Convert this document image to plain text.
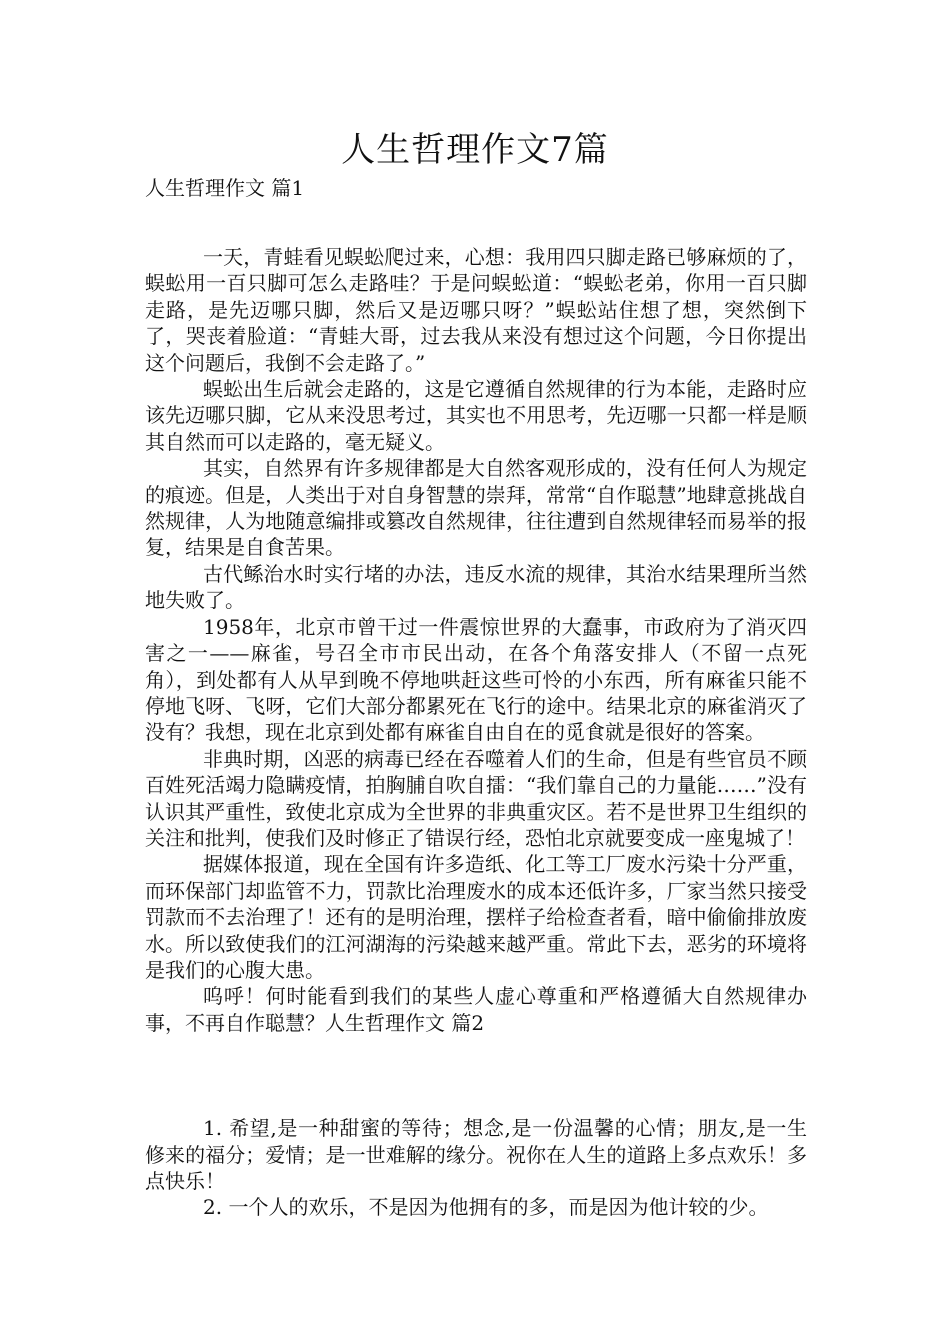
人生哲理作文7篇
人生哲理作文 篇1

一天，青蛙看见蜈蚣爬过来，心想：我用四只脚走路已够麻烦的了，蜈蚣用一百只脚可怎么走路哇？于是问蜈蚣道：“蜈蚣老弟，你用一百只脚走路，是先迈哪只脚，然后又是迈哪只呀？”蜈蚣站住想了想，突然倒下了，哭丧着脸道：“青蛙大哥，过去我从来没有想过这个问题，今日你提出这个问题后，我倒不会走路了。”

蜈蚣出生后就会走路的，这是它遵循自然规律的行为本能，走路时应该先迈哪只脚，它从来没思考过，其实也不用思考，先迈哪一只都一样是顺其自然而可以走路的，毫无疑义。

其实，自然界有许多规律都是大自然客观形成的，没有任何人为规定的痕迹。但是，人类出于对自身智慧的崇拜，常常“自作聪慧”地肆意挑战自然规律，人为地随意编排或篡改自然规律，往往遭到自然规律轻而易举的报复，结果是自食苦果。

古代鲧治水时实行堵的办法，违反水流的规律，其治水结果理所当然地失败了。

1958年，北京市曾干过一件震惊世界的大蠢事，市政府为了消灭四害之一——麻雀，号召全市市民出动，在各个角落安排人（不留一点死角），到处都有人从早到晚不停地哄赶这些可怜的小东西，所有麻雀只能不停地飞呀、飞呀，它们大部分都累死在飞行的途中。结果北京的麻雀消灭了没有？我想，现在北京到处都有麻雀自由自在的觅食就是很好的答案。

非典时期，凶恶的病毒已经在吞噬着人们的生命，但是有些官员不顾百姓死活竭力隐瞒疫情，拍胸脯自吹自擂：“我们靠自己的力量能……”没有认识其严重性，致使北京成为全世界的非典重灾区。若不是世界卫生组织的关注和批判，使我们及时修正了错误行经，恐怕北京就要变成一座鬼城了！

据媒体报道，现在全国有许多造纸、化工等工厂废水污染十分严重，而环保部门却监管不力，罚款比治理废水的成本还低许多，厂家当然只接受罚款而不去治理了！还有的是明治理，摆样子给检查者看，暗中偷偷排放废水。所以致使我们的江河湖海的污染越来越严重。常此下去，恶劣的环境将是我们的心腹大患。

呜呼！何时能看到我们的某些人虚心尊重和严格遵循大自然规律办事，不再自作聪慧？人生哲理作文 篇2

1. 希望,是一种甜蜜的等待；想念,是一份温馨的心情；朋友,是一生修来的福分；爱情；是一世难解的缘分。祝你在人生的道路上多点欢乐！多点快乐！

2. 一个人的欢乐，不是因为他拥有的多，而是因为他计较的少。
